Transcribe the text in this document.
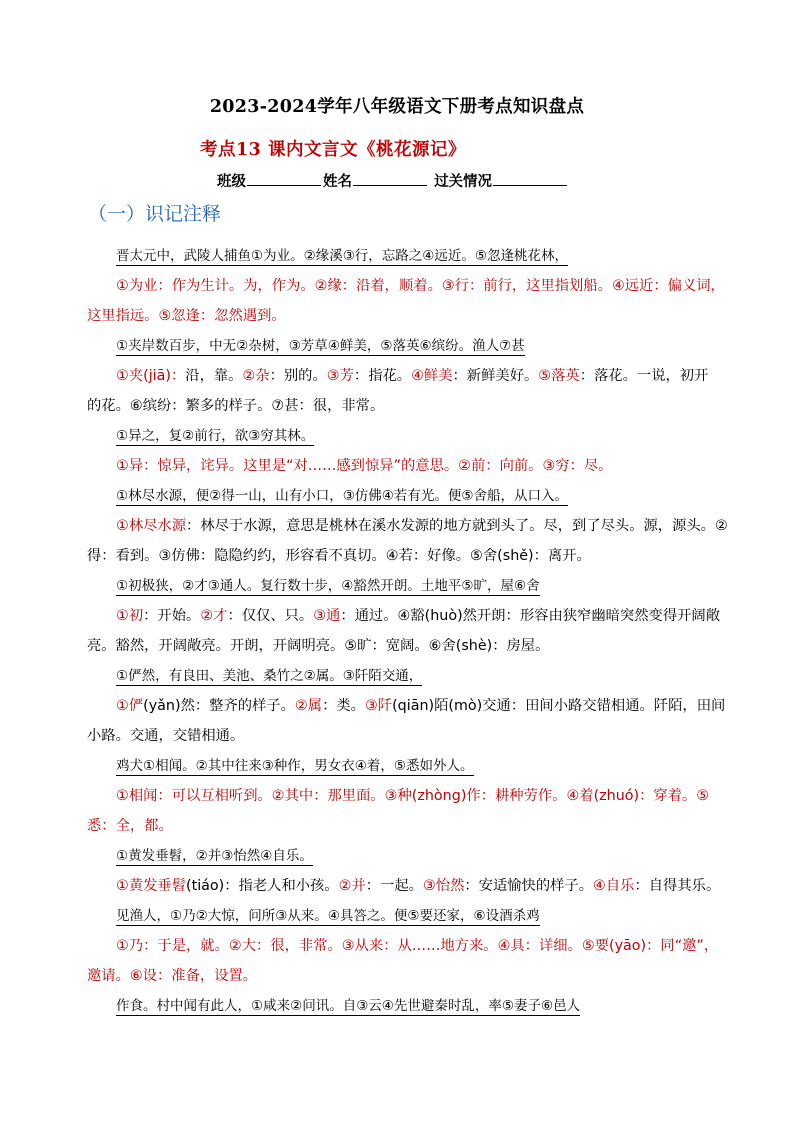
2023-2024学年八年级语文下册考点知识盘点
考点13 课内文言文《桃花源记》
班级	姓名	过关情况
（一）识记注释
晋太元中，武陵人捕鱼①为业。②缘溪③行，忘路之④远近。⑤忽逢桃花林，
①为业：作为生计。为，作为。②缘：沿着，顺着。③行：前行，这里指划船。④远近：偏义词，
这里指远。⑤忽逢：忽然遇到。
①夹岸数百步，中无②杂树，③芳草④鲜美，⑤落英⑥缤纷。渔人⑦甚
①夹(jiā)：沿，靠。②杂：别的。③芳：指花。④鲜美：新鲜美好。⑤落英：落花。一说，初开
的花。⑥缤纷：繁多的样子。⑦甚：很，非常。
①异之，复②前行，欲③穷其林。
①异：惊异，诧异。这里是“对……感到惊异”的意思。②前：向前。③穷：尽。
①林尽水源，便②得一山，山有小口，③仿佛④若有光。便⑤舍船，从口入。
①林尽水源：林尽于水源，意思是桃林在溪水发源的地方就到头了。尽，到了尽头。源，源头。②
得：看到。③仿佛：隐隐约约，形容看不真切。④若：好像。⑤舍(shě)：离开。
①初极狭，②才③通人。复行数十步，④豁然开朗。土地平⑤旷，屋⑥舍
①初：开始。②才：仅仅、只。③通：通过。④豁(huò)然开朗：形容由狭窄幽暗突然变得开阔敞
亮。豁然，开阔敞亮。开朗，开阔明亮。⑤旷：宽阔。⑥舍(shè)：房屋。
①俨然，有良田、美池、桑竹之②属。③阡陌交通，
①俨(yǎn)然：整齐的样子。②属：类。③阡(qiān)陌(mò)交通：田间小路交错相通。阡陌，田间
小路。交通，交错相通。
鸡犬①相闻。②其中往来③种作，男女衣④着，⑤悉如外人。
①相闻：可以互相听到。②其中：那里面。③种(zhòng)作：耕种劳作。④着(zhuó)：穿着。⑤
悉：全，都。
①黄发垂髫，②并③怡然④自乐。
①黄发垂髫(tiáo)：指老人和小孩。②并：一起。③怡然：安适愉快的样子。④自乐：自得其乐。
见渔人，①乃②大惊，问所③从来。④具答之。便⑤要还家，⑥设酒杀鸡
①乃：于是，就。②大：很，非常。③从来：从……地方来。④具：详细。⑤要(yāo)：同“邀”，
邀请。⑥设：准备，设置。
作食。村中闻有此人，①咸来②问讯。自③云④先世避秦时乱，率⑤妻子⑥邑人
